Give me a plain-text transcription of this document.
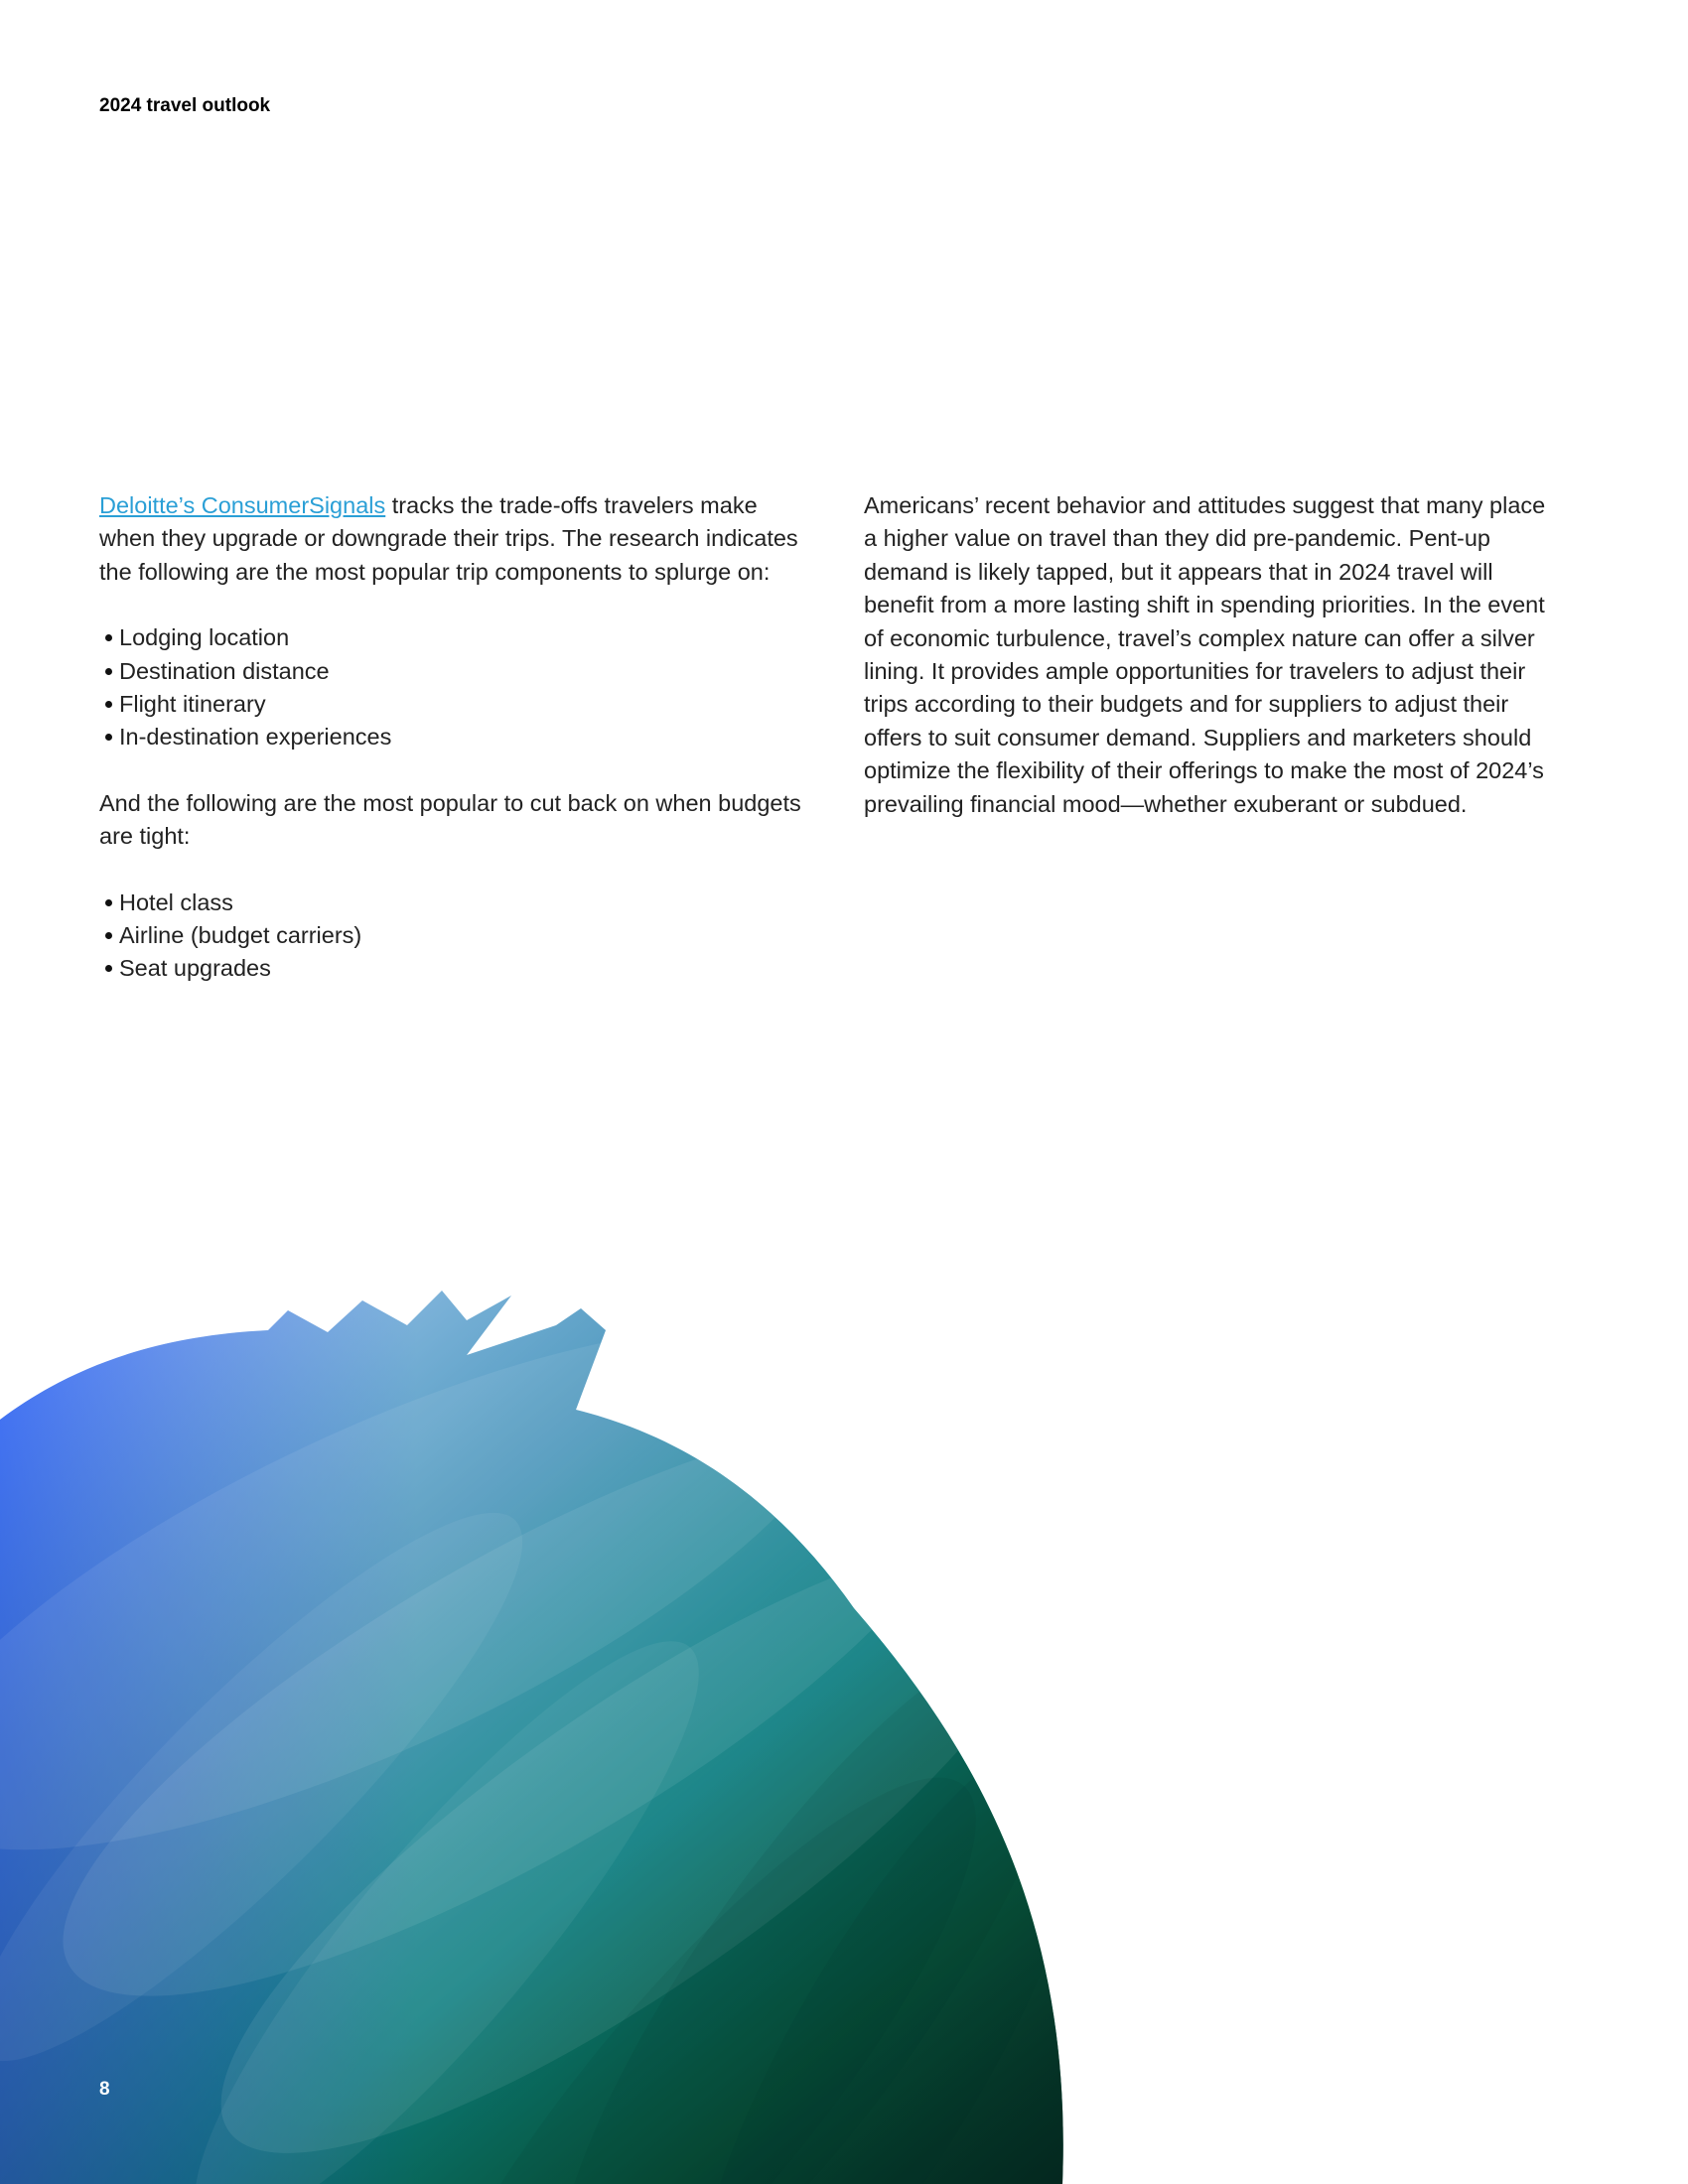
2024 travel outlook

Deloitte’s ConsumerSignals tracks the trade-offs travelers make when they upgrade or downgrade their trips. The research indicates the following are the most popular trip components to splurge on:

Lodging location
Destination distance
Flight itinerary
In-destination experiences

And the following are the most popular to cut back on when budgets are tight:

Hotel class
Airline (budget carriers)
Seat upgrades

Americans’ recent behavior and attitudes suggest that many place a higher value on travel than they did pre-pandemic. Pent-up demand is likely tapped, but it appears that in 2024 travel will benefit from a more lasting shift in spending priorities. In the event of economic turbulence, travel’s complex nature can offer a silver lining. It provides ample opportunities for travelers to adjust their trips according to their budgets and for suppliers to adjust their offers to suit consumer demand. Suppliers and marketers should optimize the flexibility of their offerings to make the most of 2024’s prevailing financial mood—whether exuberant or subdued.

8
